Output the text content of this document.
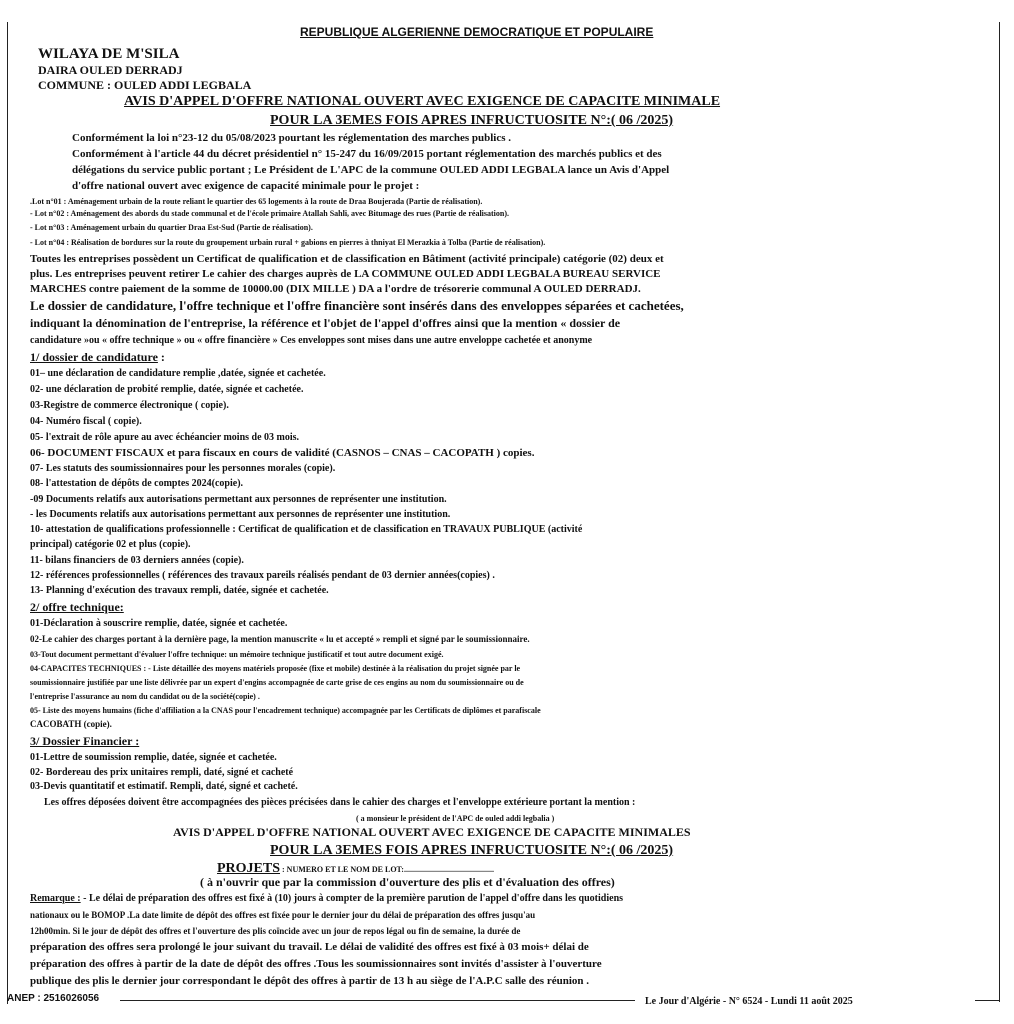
REPUBLIQUE ALGERIENNE DEMOCRATIQUE ET POPULAIRE
WILAYA DE M'SILA
DAIRA OULED DERRADJ
COMMUNE : OULED ADDI LEGBALA
AVIS D'APPEL D'OFFRE NATIONAL OUVERT AVEC EXIGENCE DE CAPACITE MINIMALE
POUR LA 3EMES FOIS APRES INFRUCTUOSITE N°:( 06 /2025)
Conformément la loi n°23-12 du 05/08/2023 pourtant les réglementation des marches publics .
Conformément à l'article 44 du décret présidentiel n° 15-247 du 16/09/2015 portant réglementation des marchés publics et des
délégations du service public portant ; Le Président de L'APC de la commune OULED ADDI LEGBALA lance un Avis d'Appel
d'offre national ouvert avec exigence de capacité minimale pour le projet :
.Lot n°01 : Aménagement urbain de la route reliant le quartier des 65 logements à la route de Draa Boujerada (Partie de réalisation).
- Lot n°02 : Aménagement des abords du stade communal et de l'école primaire Atallah Sahli, avec Bitumage des rues (Partie de réalisation).
- Lot n°03 : Aménagement urbain du quartier Draa Est-Sud (Partie de réalisation).
- Lot n°04 : Réalisation de bordures sur la route du groupement urbain rural + gabions en pierres à thniyat El Merazkia à Tolba (Partie de réalisation).
Toutes les entreprises possèdent un Certificat de qualification et de classification en Bâtiment (activité principale) catégorie (02) deux et
plus. Les entreprises peuvent retirer Le cahier des charges auprès de LA COMMUNE OULED ADDI LEGBALA BUREAU SERVICE
MARCHES contre paiement de la somme de 10000.00 (DIX MILLE ) DA a l'ordre de trésorerie communal A OULED DERRADJ.
Le dossier de candidature, l'offre technique et l'offre financière sont insérés dans des enveloppes séparées et cachetées,
indiquant la dénomination de l'entreprise, la référence et l'objet de l'appel d'offres ainsi que la mention « dossier de
candidature »ou « offre technique » ou « offre financière » Ces enveloppes sont mises dans une autre enveloppe cachetée et anonyme
1/ dossier de candidature :
01– une déclaration de candidature remplie ,datée, signée et cachetée.
02- une déclaration de probité remplie, datée, signée et cachetée.
03-Registre de commerce électronique ( copie).
04- Numéro fiscal ( copie).
05- l'extrait de rôle apure au avec échéancier moins de 03 mois.
06- DOCUMENT FISCAUX et para fiscaux en cours de validité (CASNOS – CNAS – CACOPATH ) copies.
07- Les statuts des soumissionnaires pour les personnes morales (copie).
08- l'attestation de dépôts de comptes 2024(copie).
-09 Documents relatifs aux autorisations permettant aux personnes de représenter une institution.
- les Documents relatifs aux autorisations permettant aux personnes de représenter une institution.
10- attestation de qualifications professionnelle : Certificat de qualification et de classification en TRAVAUX PUBLIQUE (activité
principal) catégorie 02 et plus (copie).
11- bilans financiers de 03 derniers années (copie).
12- références professionnelles ( références des travaux pareils réalisés pendant de 03 dernier années(copies) .
13- Planning d'exécution des travaux rempli, datée, signée et cachetée.
2/ offre technique:
01-Déclaration à souscrire remplie, datée, signée et cachetée.
02-Le cahier des charges portant à la dernière page, la mention manuscrite « lu et accepté » rempli et signé par le soumissionnaire.
03-Tout document permettant d'évaluer l'offre technique: un mémoire technique justificatif et tout autre document exigé.
04-CAPACITES TECHNIQUES : - Liste détaillée des moyens matériels proposée (fixe et mobile) destinée à la réalisation du projet signée par le
soumissionnaire justifiée par une liste délivrée par un expert d'engins accompagnée de carte grise de ces engins au nom du soumissionnaire ou de
l'entreprise l'assurance au nom du candidat ou de la société(copie) .
05- Liste des moyens humains (fiche d'affiliation a la CNAS pour l'encadrement technique) accompagnée par les Certificats de diplômes et parafiscale
CACOBATH (copie).
3/ Dossier Financier :
01-Lettre de soumission remplie, datée, signée et cachetée.
02- Bordereau des prix unitaires rempli, daté, signé et cacheté
03-Devis quantitatif et estimatif. Rempli, daté, signé et cacheté.
Les offres déposées doivent être accompagnées des pièces précisées dans le cahier des charges et l'enveloppe extérieure portant la mention :
( a monsieur le président de l'APC de ouled addi legbalia )
AVIS D'APPEL D'OFFRE NATIONAL OUVERT AVEC EXIGENCE DE CAPACITE MINIMALES
POUR LA 3EMES FOIS APRES INFRUCTUOSITE N°:( 06 /2025)
PROJETS : NUMERO ET LE NOM DE LOT:.............................................
( à n'ouvrir que par la commission d'ouverture des plis et d'évaluation des offres)
Remarque : - Le délai de préparation des offres est fixé à (10) jours à compter de la première parution de l'appel d'offre dans les quotidiens
nationaux ou le BOMOP .La date limite de dépôt des offres est fixée pour le dernier jour du délai de préparation des offres jusqu'au
12h00min. Si le jour de dépôt des offres et l'ouverture des plis coïncide avec un jour de repos légal ou fin de semaine, la durée de
préparation des offres sera prolongé le jour suivant du travail. Le délai de validité des offres est fixé à 03 mois+ délai de
préparation des offres à partir de la date de dépôt des offres .Tous les soumissionnaires sont invités d'assister à l'ouverture
publique des plis le dernier jour correspondant le dépôt des offres à partir de 13 h au siège de l'A.P.C salle des réunion .
ANEP : 2516026056	Le Jour d'Algérie - N° 6524 - Lundi 11 août 2025
